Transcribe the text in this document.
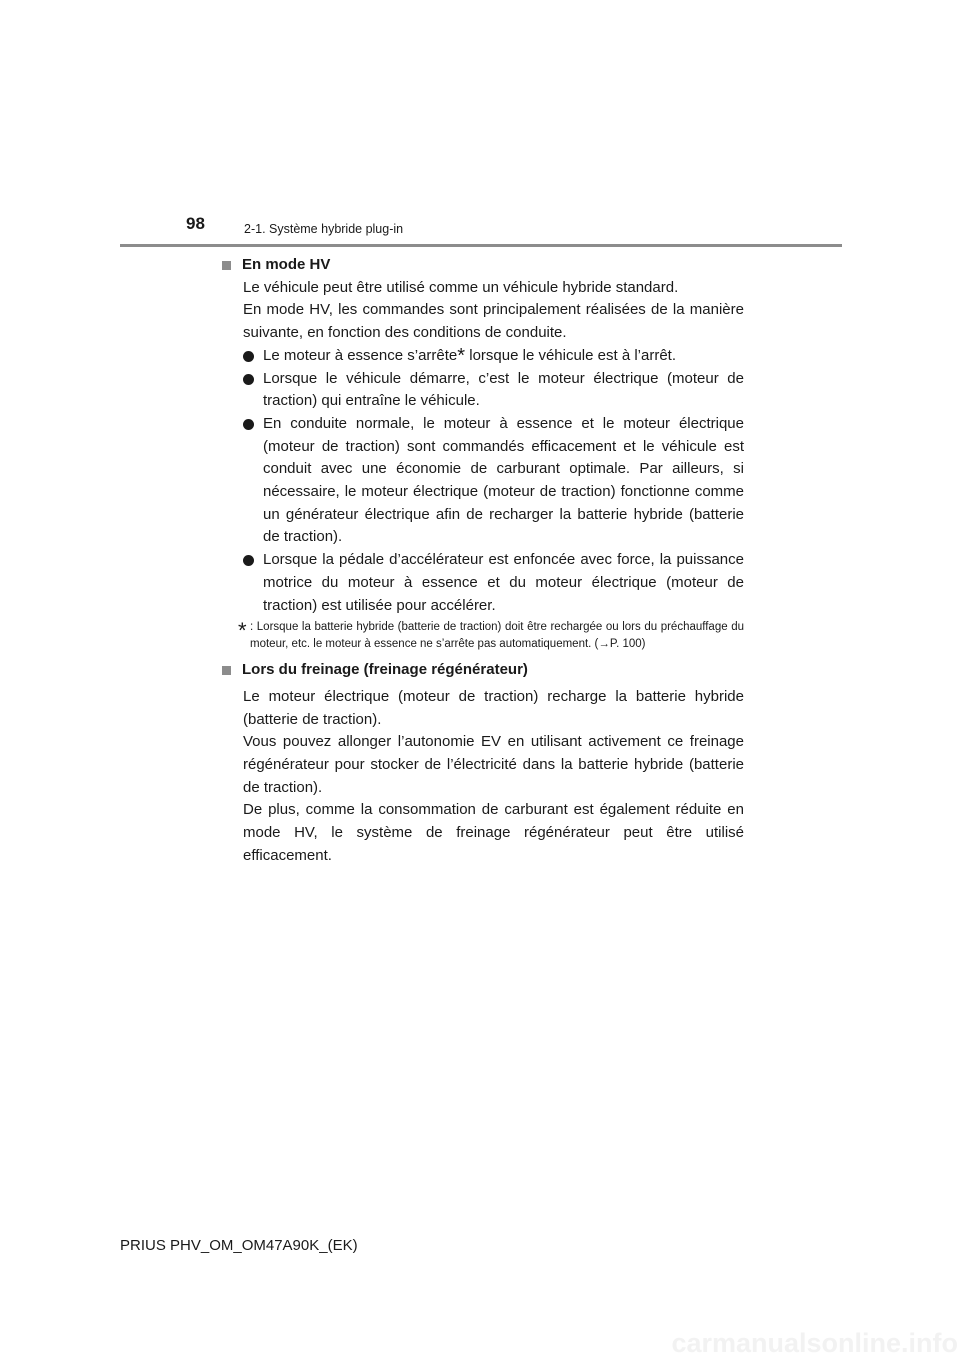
98	2-1. Système hybride plug-in
En mode HV
Le véhicule peut être utilisé comme un véhicule hybride standard.
En mode HV, les commandes sont principalement réalisées de la manière suivante, en fonction des conditions de conduite.
Le moteur à essence s’arrête* lorsque le véhicule est à l’arrêt.
Lorsque le véhicule démarre, c’est le moteur électrique (moteur de traction) qui entraîne le véhicule.
En conduite normale, le moteur à essence et le moteur électrique (moteur de traction) sont commandés efficacement et le véhicule est conduit avec une économie de carburant optimale. Par ailleurs, si nécessaire, le moteur électrique (moteur de traction) fonctionne comme un générateur électrique afin de recharger la batterie hybride (batterie de traction).
Lorsque la pédale d’accélérateur est enfoncée avec force, la puissance motrice du moteur à essence et du moteur électrique (moteur de traction) est utilisée pour accélérer.
* : Lorsque la batterie hybride (batterie de traction) doit être rechargée ou lors du préchauffage du moteur, etc. le moteur à essence ne s’arrête pas automatiquement. (→P. 100)
Lors du freinage (freinage régénérateur)
Le moteur électrique (moteur de traction) recharge la batterie hybride (batterie de traction).
Vous pouvez allonger l’autonomie EV en utilisant activement ce freinage régénérateur pour stocker de l’électricité dans la batterie hybride (batterie de traction).
De plus, comme la consommation de carburant est également réduite en mode HV, le système de freinage régénérateur peut être utilisé efficacement.
PRIUS PHV_OM_OM47A90K_(EK)
carmanualsonline.info
